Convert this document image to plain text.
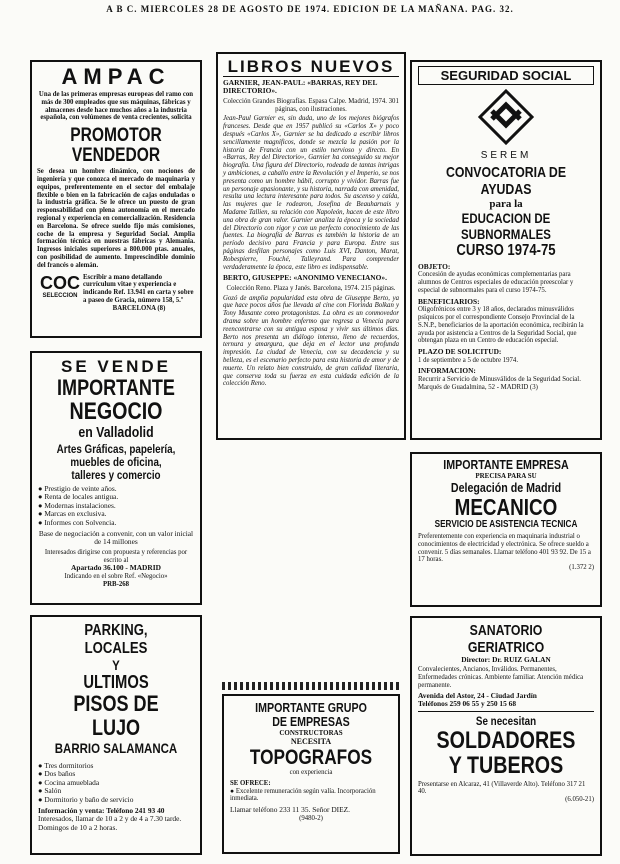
A B C. MIERCOLES 28 DE AGOSTO DE 1974. EDICION DE LA MAÑANA. PAG. 32.
AMPAC

Una de las primeras empresas europeas del ramo con más de 300 empleados que sus máquinas, fábricas y almacenes desde hace muchos años a la industria española, con volúmenes de venta crecientes, solicita

PROMOTOR VENDEDOR

Se desea un hombre dinámico, con nociones de ingeniería y que conozca el mercado de maquinaria y equipos, preferentemente en el sector del embalaje flexible o bien en la fabricación de cajas onduladas o la industria gráfica. Se le ofrece un puesto de gran responsabilidad con plena autonomía en el mercado regional y experiencia en comercialización. Residencia en Barcelona. Se ofrece sueldo fijo más comisiones, coche de la empresa y Seguridad Social. Amplia formación técnica en nuestras fábricas y Alemania. Ingresos iniciales superiores a 800.000 ptas. anuales, con posibilidad de aumento. Imprescindible dominio del francés o alemán.

COC
SELECCION

Escribir a mano detallando currículum vitae y experiencia e indicando Ref. 13.941 en carta y sobre a paseo de Gracia, número 158, 5.º

BARCELONA (8)

SE VENDE
IMPORTANTE
NEGOCIO
en Valladolid
Artes Gráficas, papelería, muebles de oficina, talleres y comercio

● Prestigio de veinte años.

● Renta de locales antigua.

● Modernas instalaciones.

● Marcas en exclusiva.

● Informes con Solvencia.

Base de negociación a convenir, con un valor inicial de 14 millones

Interesados dirigirse con propuesta y referencias por escrito al

Apartado 36.100 - MADRID

Indicando en el sobre Ref. «Negocio»

PRB-268

PARKING, LOCALES
Y
ULTIMOS
PISOS DE LUJO
BARRIO SALAMANCA

● Tres dormitorios

● Dos baños

● Cocina amueblada

● Salón

● Dormitorio y baño de servicio

Información y venta: Teléfono 241 93 40

Interesados, llamar de 10 a 2 y de 4 a 7.30 tarde. Domingos de 10 a 2 horas.

LIBROS NUEVOS

GARNIER, JEAN-PAUL: «BARRAS, REY DEL DIRECTORIO».

Colección Grandes Biografías. Espasa Calpe. Madrid, 1974. 301 páginas, con ilustraciones.

Jean-Paul Garnier es, sin duda, uno de los mejores biógrafos franceses. Desde que en 1957 publicó su «Carlos X» y poco después «Carlos X», Garnier se ha dedicado a escribir libros sencillamente magníficos, donde se mezcla la pasión por la historia de Francia con un estilo nervioso y directo. En «Barras, Rey del Directorio», Garnier ha conseguido su mejor biografía. Una figura del Directorio, rodeada de tantas intrigas y ambiciones, a caballo entre la Revolución y el Imperio, se nos presenta como un hombre hábil, corrupto y vividor. Barras fue un personaje apasionante, y su historia, narrada con amenidad, resulta una lectura interesante para todos. Su ascenso y caída, las mujeres que le rodearon, Josefina de Beauharnais y Madame Tallien, su relación con Napoleón, hacen de este libro una obra de gran valor. Garnier analiza la época y la sociedad del Directorio con rigor y con un perfecto conocimiento de las fuentes. La biografía de Barras es también la historia de un período decisivo para Francia y para Europa. Entre sus páginas desfilan personajes como Luis XVI, Danton, Marat, Robespierre, Fouché, Talleyrand. Para comprender verdaderamente la época, este libro es indispensable.

BERTO, GIUSEPPE: «ANONIMO VENECIANO».

Colección Reno. Plaza y Janés. Barcelona, 1974. 215 páginas.

Gozó de amplia popularidad esta obra de Giuseppe Berto, ya que hace pocos años fue llevada al cine con Florinda Bolkan y Tony Musante como protagonistas. La obra es un conmovedor drama sobre un hombre enfermo que regresa a Venecia para reencontrarse con su antigua esposa y vivir sus últimos días. Berto nos presenta un diálogo intenso, lleno de recuerdos, ternura y amargura, que deja en el lector una profunda impresión. La ciudad de Venecia, con su decadencia y su belleza, es el escenario perfecto para esta historia de amor y de muerte. Un relato bien construido, de gran calidad literaria, que conserva toda su fuerza en esta cuidada edición de la colección Reno.

IMPORTANTE GRUPO
DE EMPRESAS
CONSTRUCTORAS
NECESITA
TOPOGRAFOS
con experiencia

SE OFRECE:

● Excelente remuneración según valía. Incorporación inmediata.

Llamar teléfono 233 11 35. Señor DIEZ.

(9480-2)

SEGURIDAD SOCIAL
SEREM
CONVOCATORIA DE AYUDAS
para la
EDUCACION DE SUBNORMALES
CURSO 1974-75

OBJETO:

Concesión de ayudas económicas complementarias para alumnos de Centros especiales de educación preescolar y especial de subnormales para el curso 1974-75.

BENEFICIARIOS:

Oligofrénicos entre 3 y 18 años, declarados minusválidos psíquicos por el correspondiente Consejo Provincial de la S.N.P., beneficiarios de la aportación económica, recibirán la ayuda por asistencia a Centros de la Seguridad Social, que obtengan plaza en un Centro de educación especial.

PLAZO DE SOLICITUD:

1 de septiembre a 5 de octubre 1974.

INFORMACION:

Recurrir a Servicio de Minusválidos de la Seguridad Social. Marqués de Guadalmina, 52 - MADRID (3)

IMPORTANTE EMPRESA
PRECISA PARA SU
Delegación de Madrid
MECANICO
SERVICIO DE ASISTENCIA TECNICA

Preferentemente con experiencia en maquinaria industrial o conocimientos de electricidad y electrónica. Se ofrece sueldo a convenir. 5 días semanales. Llamar teléfono 401 93 92. De 15 a 17 horas.

(1.372 2)

SANATORIO GERIATRICO
Director: Dr. RUIZ GALAN

Convalecientes, Ancianos, Inválidos. Permanentes, Enfermedades crónicas. Ambiente familiar. Atención médica permanente.

Avenida del Astor, 24 - Ciudad Jardín

Teléfonos 259 06 55 y 250 15 68

Se necesitan
SOLDADORES
Y TUBEROS

Presentarse en Alcaraz, 41 (Villaverde Alto). Teléfono 317 21 40.

(6.050-21)
